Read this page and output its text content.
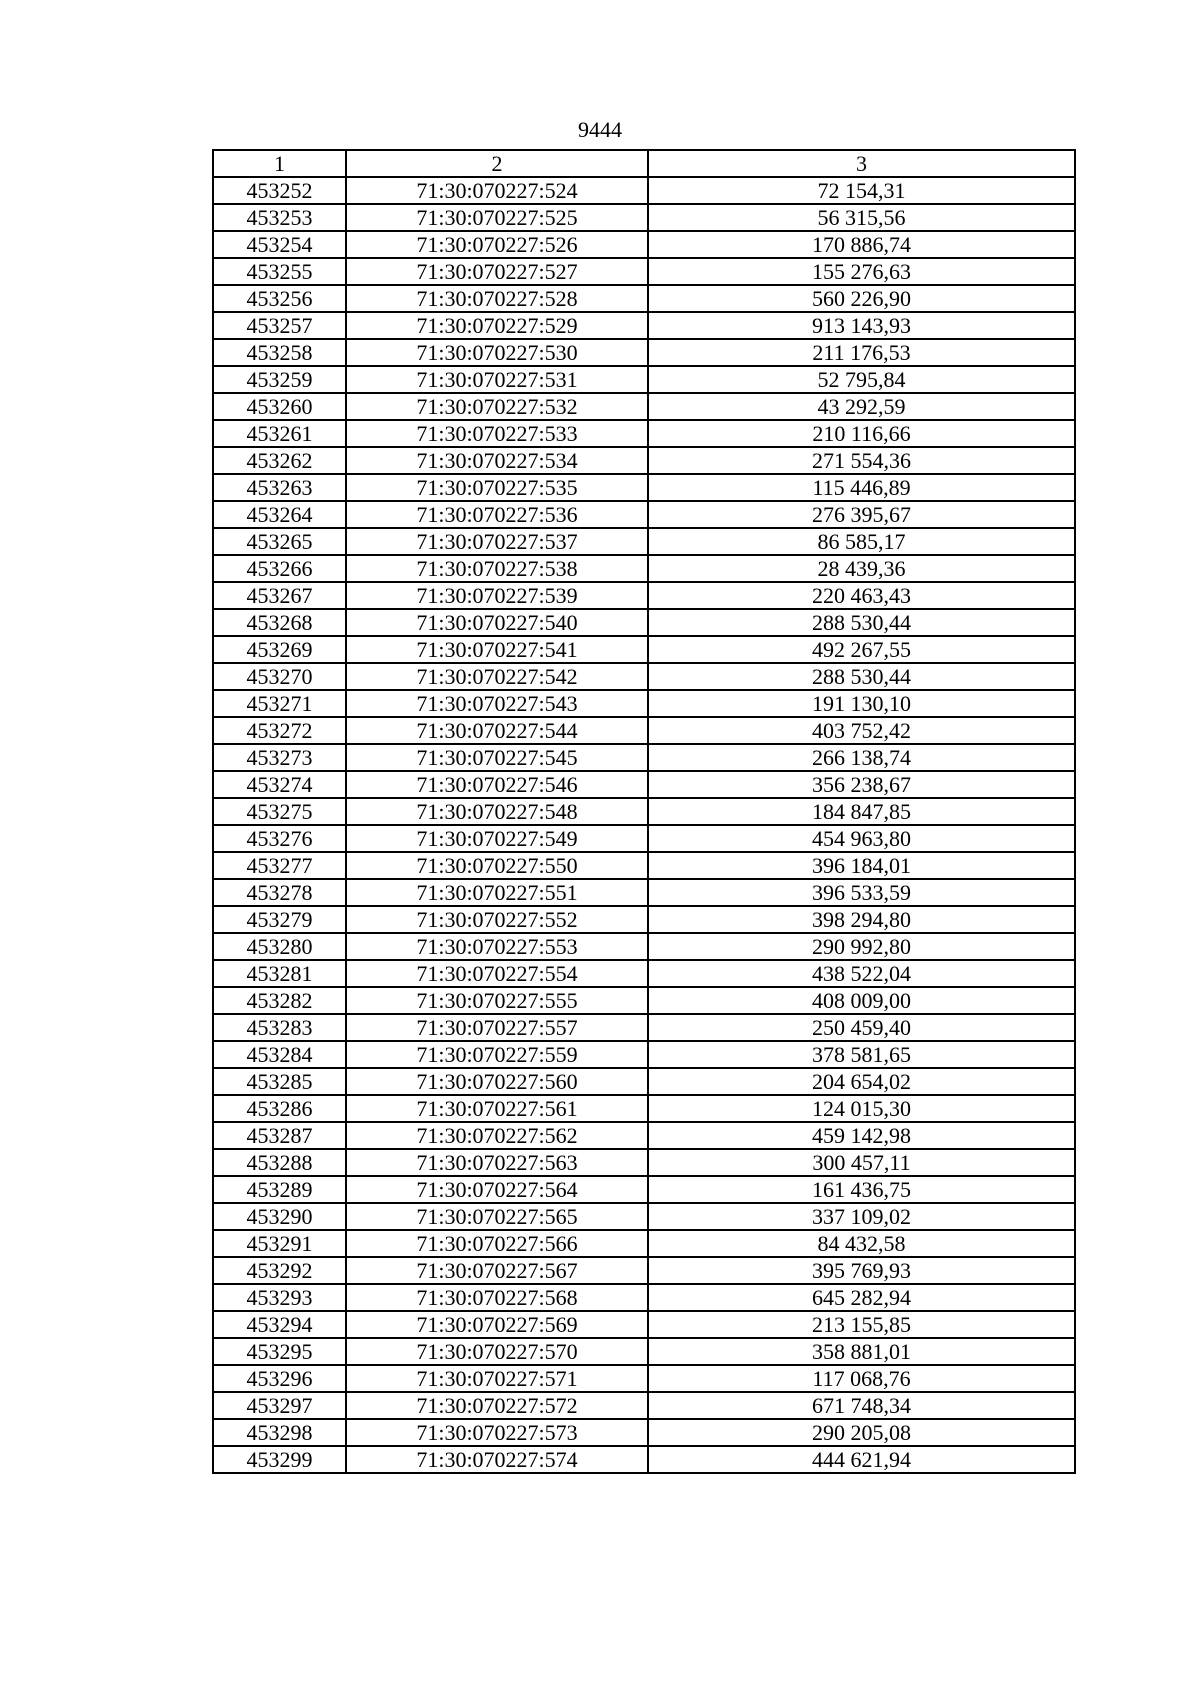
9444
1	2	3
453252	71:30:070227:524	72 154,31
453253	71:30:070227:525	56 315,56
453254	71:30:070227:526	170 886,74
453255	71:30:070227:527	155 276,63
453256	71:30:070227:528	560 226,90
453257	71:30:070227:529	913 143,93
453258	71:30:070227:530	211 176,53
453259	71:30:070227:531	52 795,84
453260	71:30:070227:532	43 292,59
453261	71:30:070227:533	210 116,66
453262	71:30:070227:534	271 554,36
453263	71:30:070227:535	115 446,89
453264	71:30:070227:536	276 395,67
453265	71:30:070227:537	86 585,17
453266	71:30:070227:538	28 439,36
453267	71:30:070227:539	220 463,43
453268	71:30:070227:540	288 530,44
453269	71:30:070227:541	492 267,55
453270	71:30:070227:542	288 530,44
453271	71:30:070227:543	191 130,10
453272	71:30:070227:544	403 752,42
453273	71:30:070227:545	266 138,74
453274	71:30:070227:546	356 238,67
453275	71:30:070227:548	184 847,85
453276	71:30:070227:549	454 963,80
453277	71:30:070227:550	396 184,01
453278	71:30:070227:551	396 533,59
453279	71:30:070227:552	398 294,80
453280	71:30:070227:553	290 992,80
453281	71:30:070227:554	438 522,04
453282	71:30:070227:555	408 009,00
453283	71:30:070227:557	250 459,40
453284	71:30:070227:559	378 581,65
453285	71:30:070227:560	204 654,02
453286	71:30:070227:561	124 015,30
453287	71:30:070227:562	459 142,98
453288	71:30:070227:563	300 457,11
453289	71:30:070227:564	161 436,75
453290	71:30:070227:565	337 109,02
453291	71:30:070227:566	84 432,58
453292	71:30:070227:567	395 769,93
453293	71:30:070227:568	645 282,94
453294	71:30:070227:569	213 155,85
453295	71:30:070227:570	358 881,01
453296	71:30:070227:571	117 068,76
453297	71:30:070227:572	671 748,34
453298	71:30:070227:573	290 205,08
453299	71:30:070227:574	444 621,94
